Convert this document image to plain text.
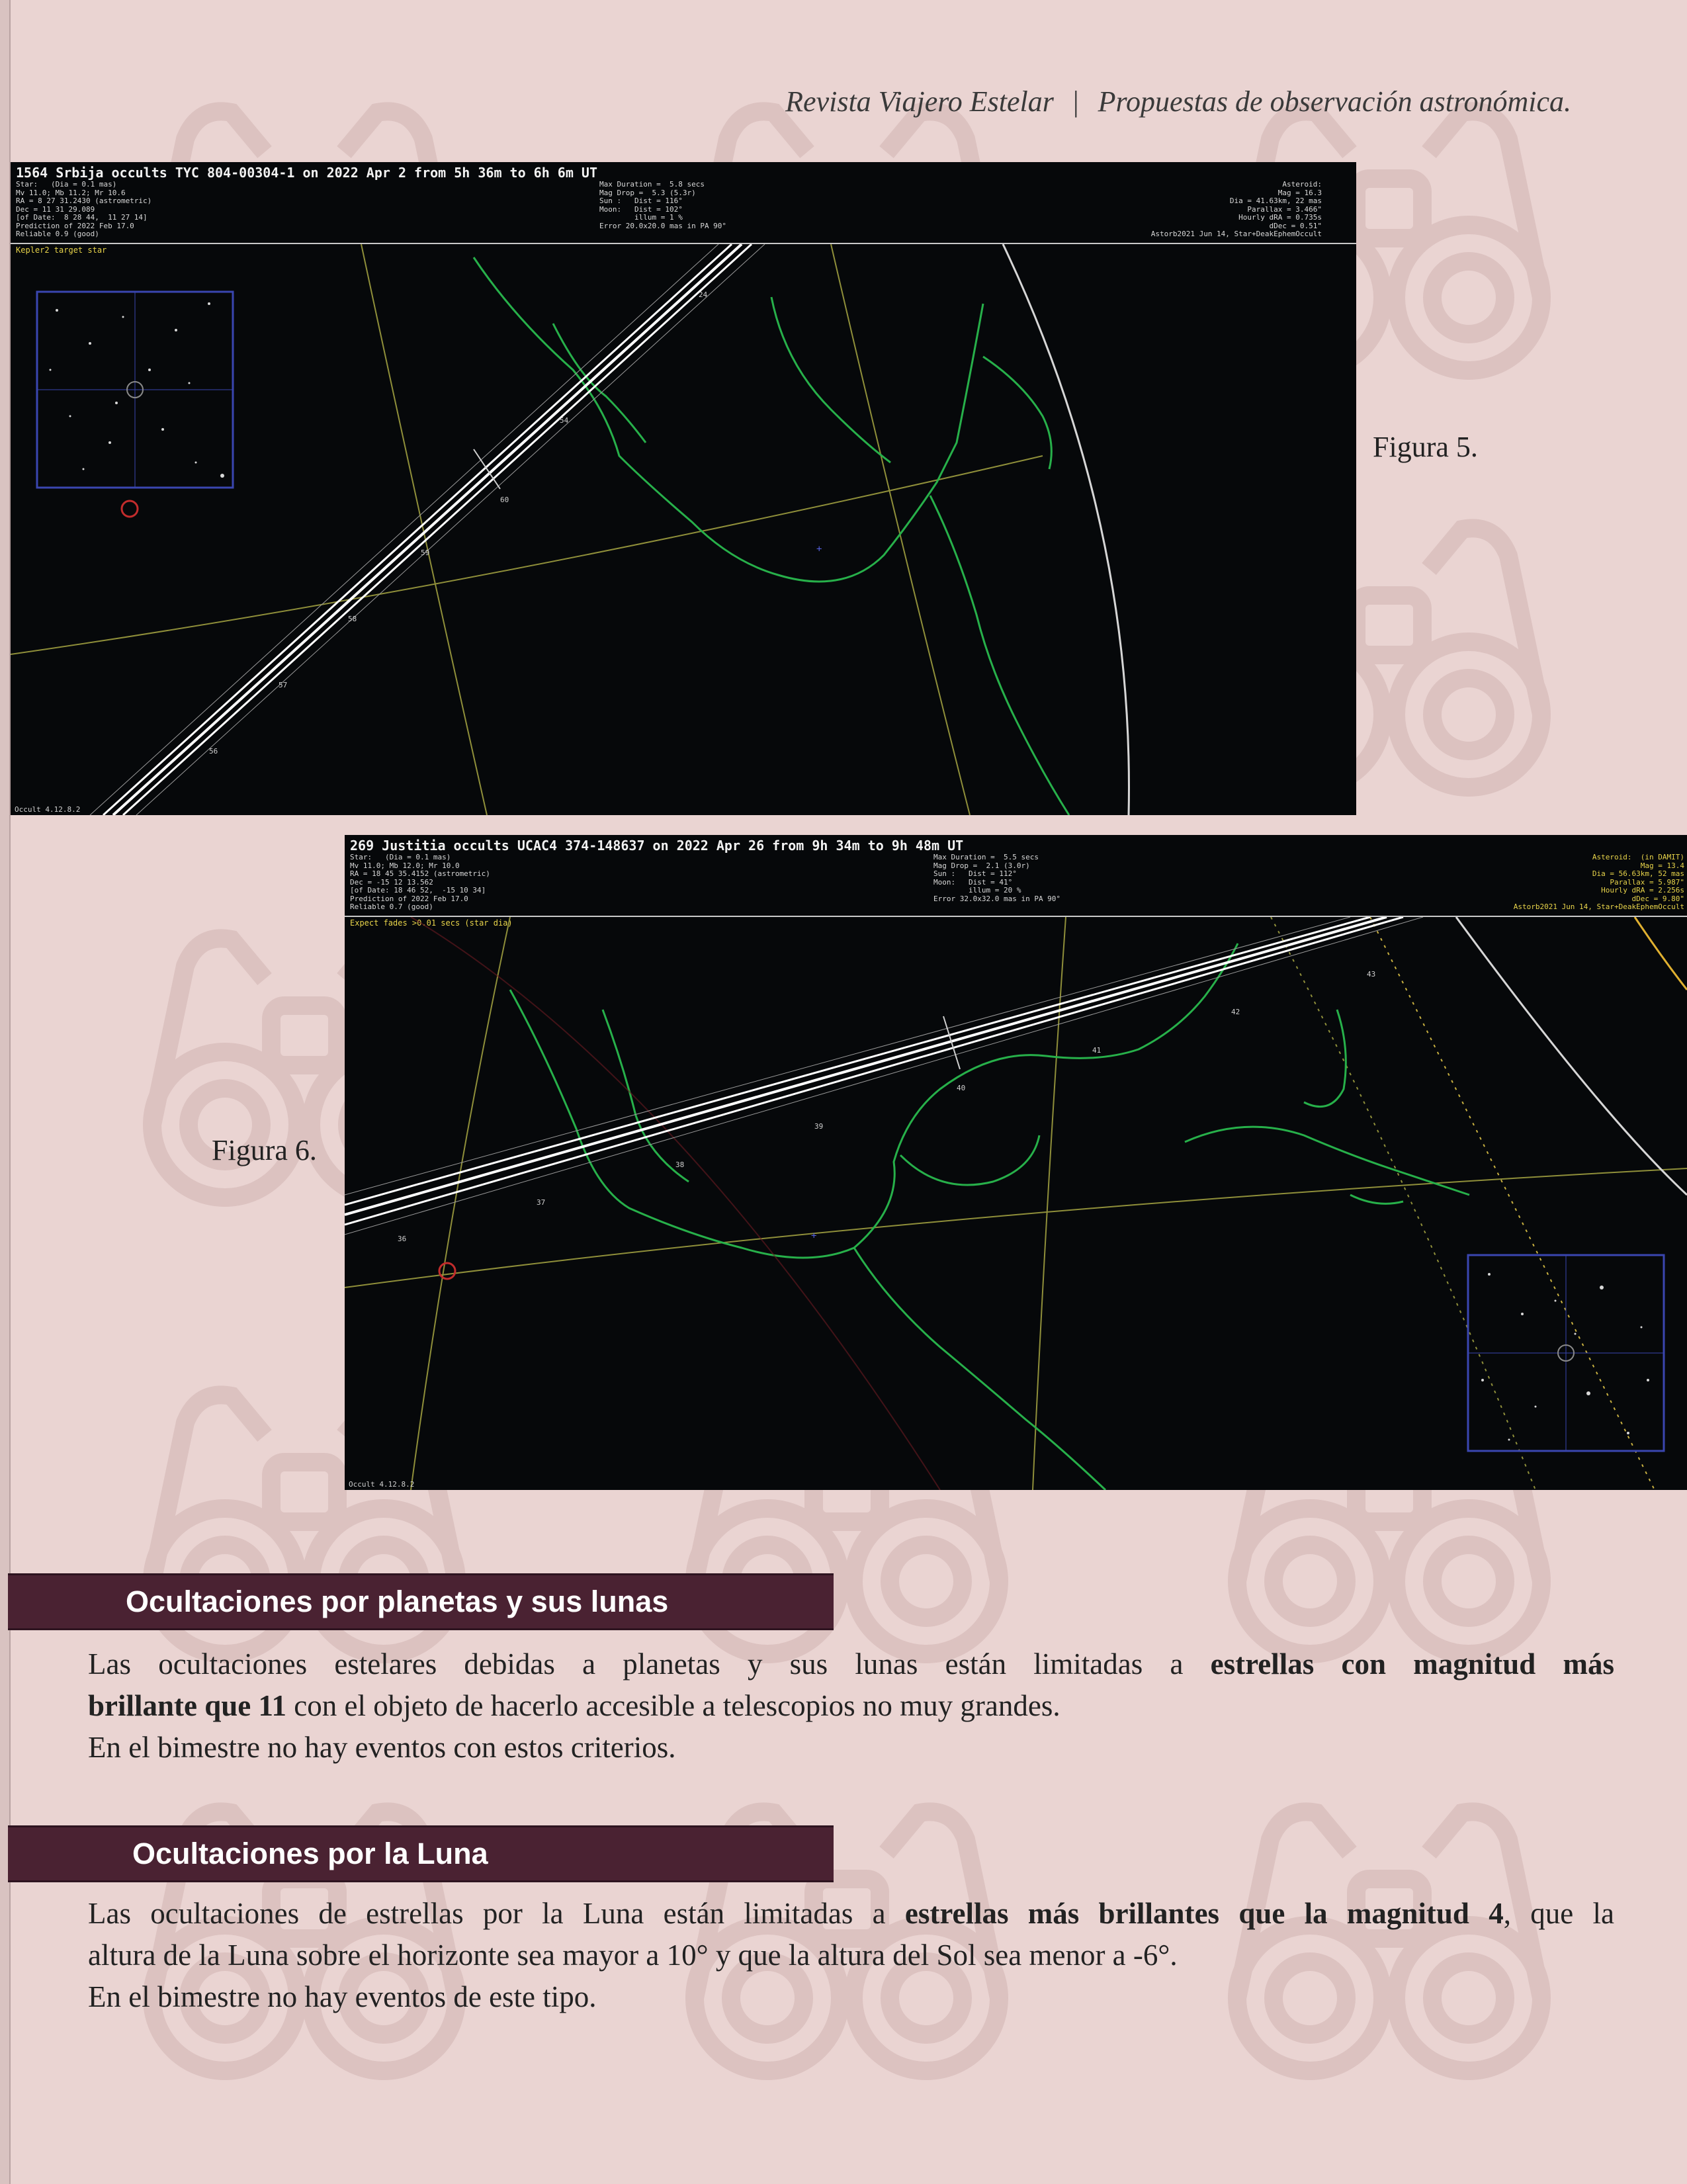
Revista Viajero Estelar | Propuestas de observación astronómica.
1564 Srbija occults TYC 804-00304-1 on 2022 Apr 2 from 5h 36m to 6h 6m UT
Star:   (Dia = 0.1 mas)
Mv 11.0; Mb 11.2; Mr 10.6
RA = 8 27 31.2430 (astrometric)
Dec = 11 31 29.089
[of Date:  8 28 44,  11 27 14]
Prediction of 2022 Feb 17.0
Reliable 0.9 (good)
Max Duration =  5.8 secs
Mag Drop =  5.3 (5.3r)
Sun :   Dist = 116°
Moon:   Dist = 102°
illum = 1 %
Error 20.0x20.0 mas in PA 90°
Asteroid:
Mag = 16.3
Dia = 41.63km, 22 mas
Parallax = 3.466"
Hourly dRA = 0.735s
dDec = 0.51"
Astorb2021 Jun 14, Star+DeakEphemOccult
Kepler2 target star
+
56
57
58
59
60
54
24
Occult 4.12.8.2
Figura 5.
269 Justitia occults UCAC4 374-148637 on 2022 Apr 26 from 9h 34m to 9h 48m UT
Star:   (Dia = 0.1 mas)
Mv 11.0; Mb 12.0; Mr 10.0
RA = 18 45 35.4152 (astrometric)
Dec = -15 12 13.562
[of Date: 18 46 52,  -15 10 34]
Prediction of 2022 Feb 17.0
Reliable 0.7 (good)
Max Duration =  5.5 secs
Mag Drop =  2.1 (3.0r)
Sun :   Dist = 112°
Moon:   Dist = 41°
illum = 20 %
Error 32.0x32.0 mas in PA 90°
Asteroid:  (in DAMIT)
Mag = 13.4
Dia = 56.63km, 52 mas
Parallax = 5.987"
Hourly dRA = 2.256s
dDec = 9.80"
Astorb2021 Jun 14, Star+DeakEphemOccult
Expect fades >0.01 secs (star dia)
+
36
37
38
39
40
41
42
43
Occult 4.12.8.2
Figura 6.
Ocultaciones por planetas y sus lunas

Las ocultaciones estelares debidas a planetas y sus lunas están limitadas a estrellas con magnitud más

brillante que 11 con el objeto de hacerlo accesible a telescopios no muy grandes.

En el bimestre no hay eventos con estos criterios.

Ocultaciones por la Luna

Las ocultaciones de estrellas por la Luna están limitadas a estrellas más brillantes que la magnitud 4, que la

altura de la Luna sobre el horizonte sea mayor a 10° y que la altura del Sol sea menor a -6°.

En el bimestre no hay eventos de este tipo.
